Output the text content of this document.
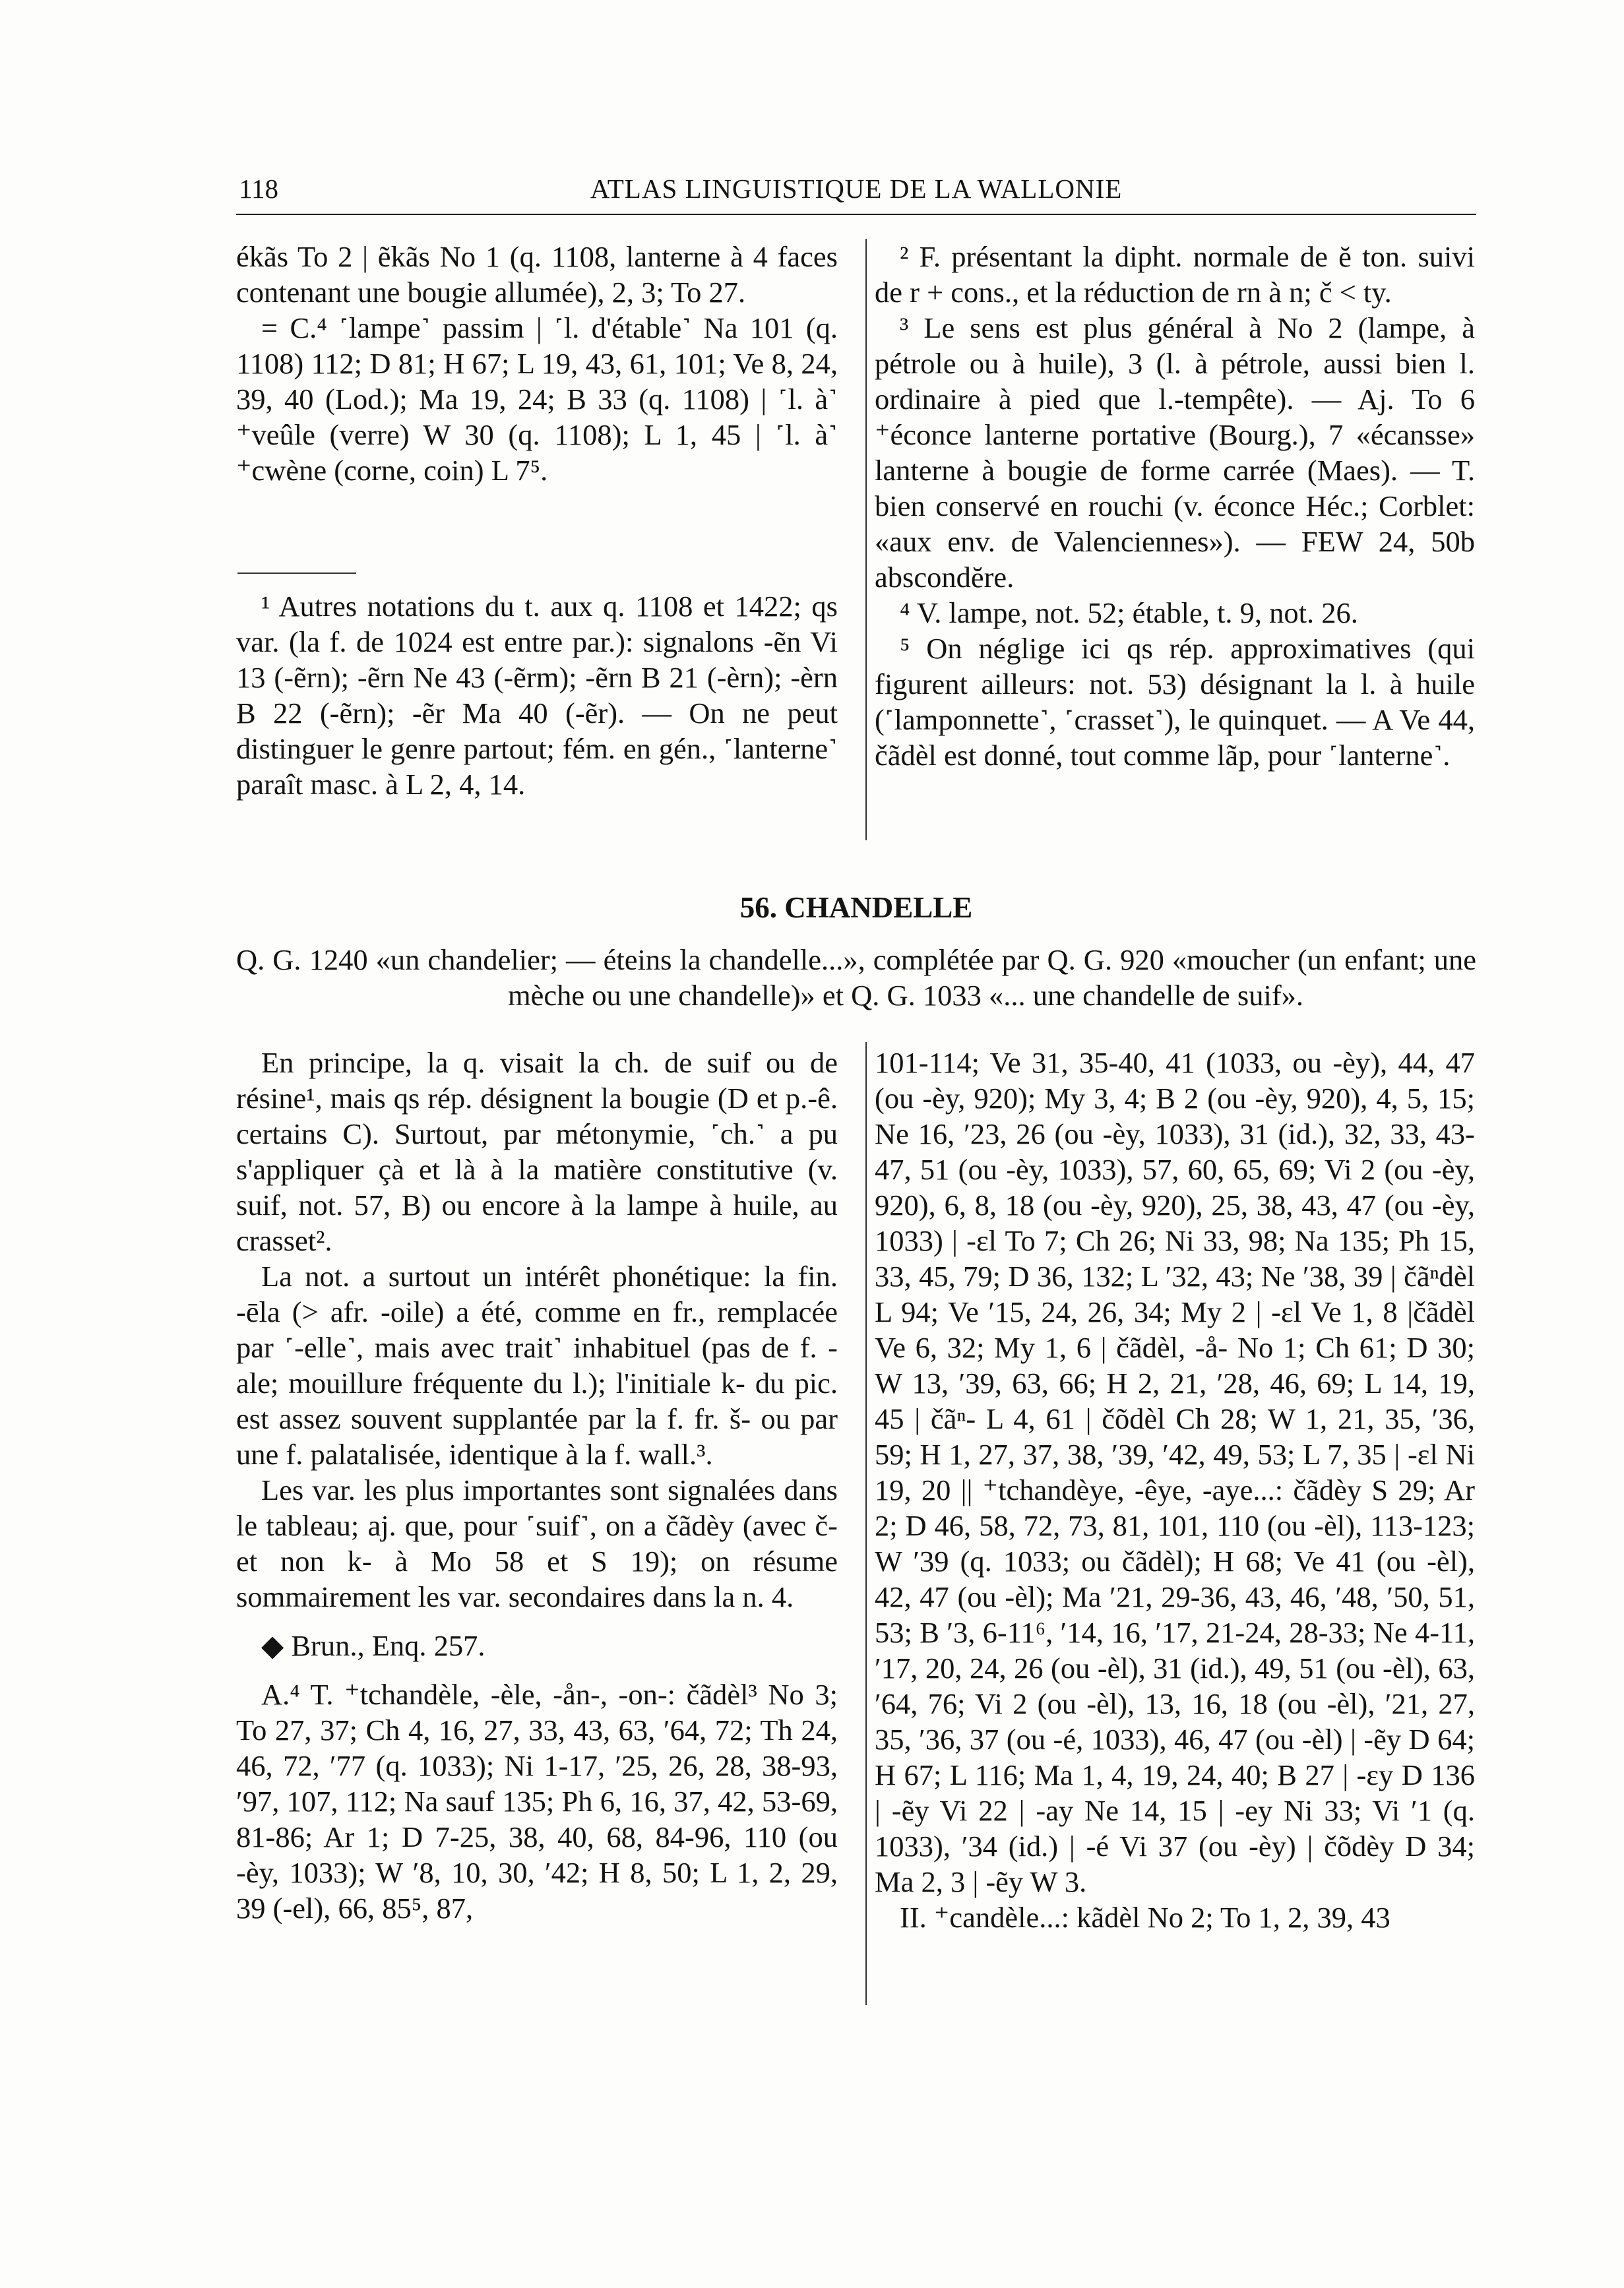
118	ATLAS LINGUISTIQUE DE LA WALLONIE

ékãs To 2 | ẽkãs No 1 (q. 1108, lanterne à 4 faces contenant une bougie allumée), 2, 3; To 27.

= C.⁴ ˹lampe˺ passim | ˹l. d'étable˺ Na 101 (q. 1108) 112; D 81; H 67; L 19, 43, 61, 101; Ve 8, 24, 39, 40 (Lod.); Ma 19, 24; B 33 (q. 1108) | ˹l. à˺ ⁺veûle (verre) W 30 (q. 1108); L 1, 45 | ˹l. à˺ ⁺cwène (corne, coin) L 7⁵.

¹ Autres notations du t. aux q. 1108 et 1422; qs var. (la f. de 1024 est entre par.): signalons -ẽn Vi 13 (-ẽrn); -ẽrn Ne 43 (-ẽrm); -ẽrn B 21 (-èrn); -èrn B 22 (-ẽrn); -ẽr Ma 40 (-ẽr). — On ne peut distinguer le genre partout; fém. en gén., ˹lanterne˺ paraît masc. à L 2, 4, 14.

² F. présentant la dipht. normale de ĕ ton. suivi de r + cons., et la réduction de rn à n; č < ty.

³ Le sens est plus général à No 2 (lampe, à pétrole ou à huile), 3 (l. à pétrole, aussi bien l. ordinaire à pied que l.-tempête). — Aj. To 6 ⁺éconce lanterne portative (Bourg.), 7 «écansse» lanterne à bougie de forme carrée (Maes). — T. bien conservé en rouchi (v. éconce Héc.; Corblet: «aux env. de Valenciennes»). — FEW 24, 50b abscondĕre.

⁴ V. lampe, not. 52; étable, t. 9, not. 26.

⁵ On néglige ici qs rép. approximatives (qui figurent ailleurs: not. 53) désignant la l. à huile (˹lamponnette˺, ˹crasset˺), le quinquet. — A Ve 44, čãdèl est donné, tout comme lãp, pour ˹lanterne˺.

56. CHANDELLE

Q. G. 1240 «un chandelier; — éteins la chandelle...», complétée par Q. G. 920 «moucher (un enfant; une mèche ou une chandelle)» et Q. G. 1033 «... une chandelle de suif».

En principe, la q. visait la ch. de suif ou de résine¹, mais qs rép. désignent la bougie (D et p.-ê. certains C). Surtout, par métonymie, ˹ch.˺ a pu s'appliquer çà et là à la matière constitutive (v. suif, not. 57, B) ou encore à la lampe à huile, au crasset².

La not. a surtout un intérêt phonétique: la fin. -ēla (> afr. -oile) a été, comme en fr., remplacée par ˹-elle˺, mais avec trait˺ inhabituel (pas de f. -ale; mouillure fréquente du l.); l'initiale k- du pic. est assez souvent supplantée par la f. fr. š- ou par une f. palatalisée, identique à la f. wall.³.

Les var. les plus importantes sont signalées dans le tableau; aj. que, pour ˹suif˺, on a čãdèy (avec č- et non k- à Mo 58 et S 19); on résume sommairement les var. secondaires dans la n. 4.

◆ Brun., Enq. 257.

A.⁴ T. ⁺tchandèle, -èle, -ån-, -on-: čãdèl³ No 3; To 27, 37; Ch 4, 16, 27, 33, 43, 63, ′64, 72; Th 24, 46, 72, ′77 (q. 1033); Ni 1-17, ′25, 26, 28, 38-93, ′97, 107, 112; Na sauf 135; Ph 6, 16, 37, 42, 53-69, 81-86; Ar 1; D 7-25, 38, 40, 68, 84-96, 110 (ou -èy, 1033); W ′8, 10, 30, ′42; H 8, 50; L 1, 2, 29, 39 (-el), 66, 85⁵, 87,

101-114; Ve 31, 35-40, 41 (1033, ou -èy), 44, 47 (ou -èy, 920); My 3, 4; B 2 (ou -èy, 920), 4, 5, 15; Ne 16, ′23, 26 (ou -èy, 1033), 31 (id.), 32, 33, 43-47, 51 (ou -èy, 1033), 57, 60, 65, 69; Vi 2 (ou -èy, 920), 6, 8, 18 (ou -èy, 920), 25, 38, 43, 47 (ou -èy, 1033) | -εl To 7; Ch 26; Ni 33, 98; Na 135; Ph 15, 33, 45, 79; D 36, 132; L ′32, 43; Ne ′38, 39 | čãⁿdèl L 94; Ve ′15, 24, 26, 34; My 2 | -εl Ve 1, 8 |čãdèl Ve 6, 32; My 1, 6 | čãdèl, -å- No 1; Ch 61; D 30; W 13, ′39, 63, 66; H 2, 21, ′28, 46, 69; L 14, 19, 45 | čãⁿ- L 4, 61 | čõdèl Ch 28; W 1, 21, 35, ′36, 59; H 1, 27, 37, 38, ′39, ′42, 49, 53; L 7, 35 | -εl Ni 19, 20 || ⁺tchandèye, -êye, -aye...: čãdèy S 29; Ar 2; D 46, 58, 72, 73, 81, 101, 110 (ou -èl), 113-123; W ′39 (q. 1033; ou čãdèl); H 68; Ve 41 (ou -èl), 42, 47 (ou -èl); Ma ′21, 29-36, 43, 46, ′48, ′50, 51, 53; B ′3, 6-11⁶, ′14, 16, ′17, 21-24, 28-33; Ne 4-11, ′17, 20, 24, 26 (ou -èl), 31 (id.), 49, 51 (ou -èl), 63, ′64, 76; Vi 2 (ou -èl), 13, 16, 18 (ou -èl), ′21, 27, 35, ′36, 37 (ou -é, 1033), 46, 47 (ou -èl) | -ẽy D 64; H 67; L 116; Ma 1, 4, 19, 24, 40; B 27 | -εy D 136 | -ẽy Vi 22 | -ay Ne 14, 15 | -ey Ni 33; Vi ′1 (q. 1033), ′34 (id.) | -é Vi 37 (ou -èy) | čõdèy D 34; Ma 2, 3 | -ẽy W 3.

II. ⁺candèle...: kãdèl No 2; To 1, 2, 39, 43
